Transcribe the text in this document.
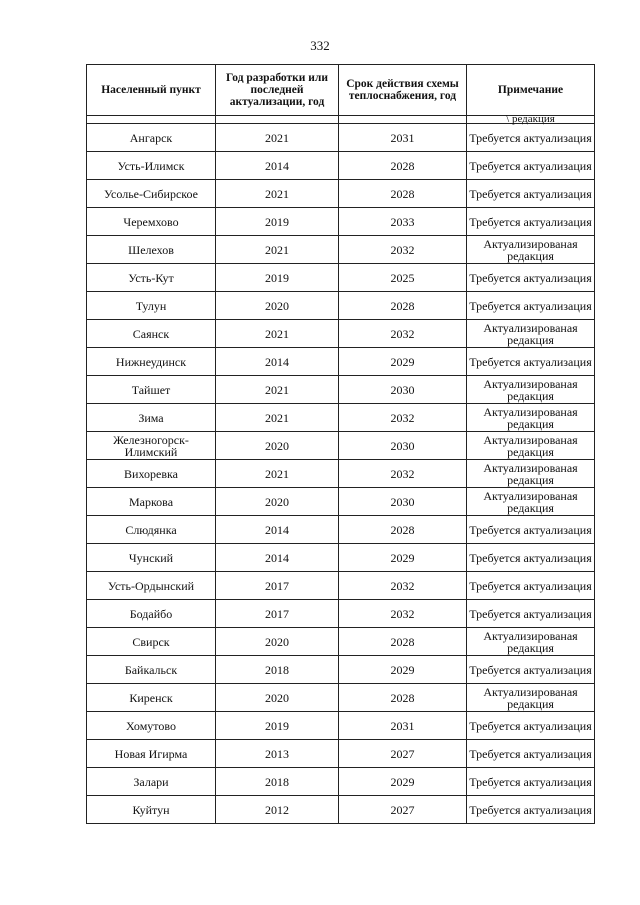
332
Населенный пункт	Год разработки или последней актуализации, год	Срок действия схемы теплоснабжения, год	Примечание
			\ редакция
Ангарск	2021	2031	Требуется актуализация

Усть-Илимск	2014	2028	Требуется актуализация

Усолье-Сибирское	2021	2028	Требуется актуализация

Черемхово	2019	2033	Требуется актуализация

Шелехов	2021	2032	Актуализированая редакция

Усть-Кут	2019	2025	Требуется актуализация

Тулун	2020	2028	Требуется актуализация

Саянск	2021	2032	Актуализированая редакция

Нижнеудинск	2014	2029	Требуется актуализация

Тайшет	2021	2030	Актуализированая редакция

Зима	2021	2032	Актуализированая редакция

Железногорск-Илимский	2020	2030	Актуализированая редакция

Вихоревка	2021	2032	Актуализированая редакция

Маркова	2020	2030	Актуализированая редакция

Слюдянка	2014	2028	Требуется актуализация

Чунский	2014	2029	Требуется актуализация

Усть-Ордынский	2017	2032	Требуется актуализация

Бодайбо	2017	2032	Требуется актуализация

Свирск	2020	2028	Актуализированая редакция

Байкальск	2018	2029	Требуется актуализация

Киренск	2020	2028	Актуализированая редакция

Хомутово	2019	2031	Требуется актуализация

Новая Игирма	2013	2027	Требуется актуализация

Залари	2018	2029	Требуется актуализация

Куйтун	2012	2027	Требуется актуализация
